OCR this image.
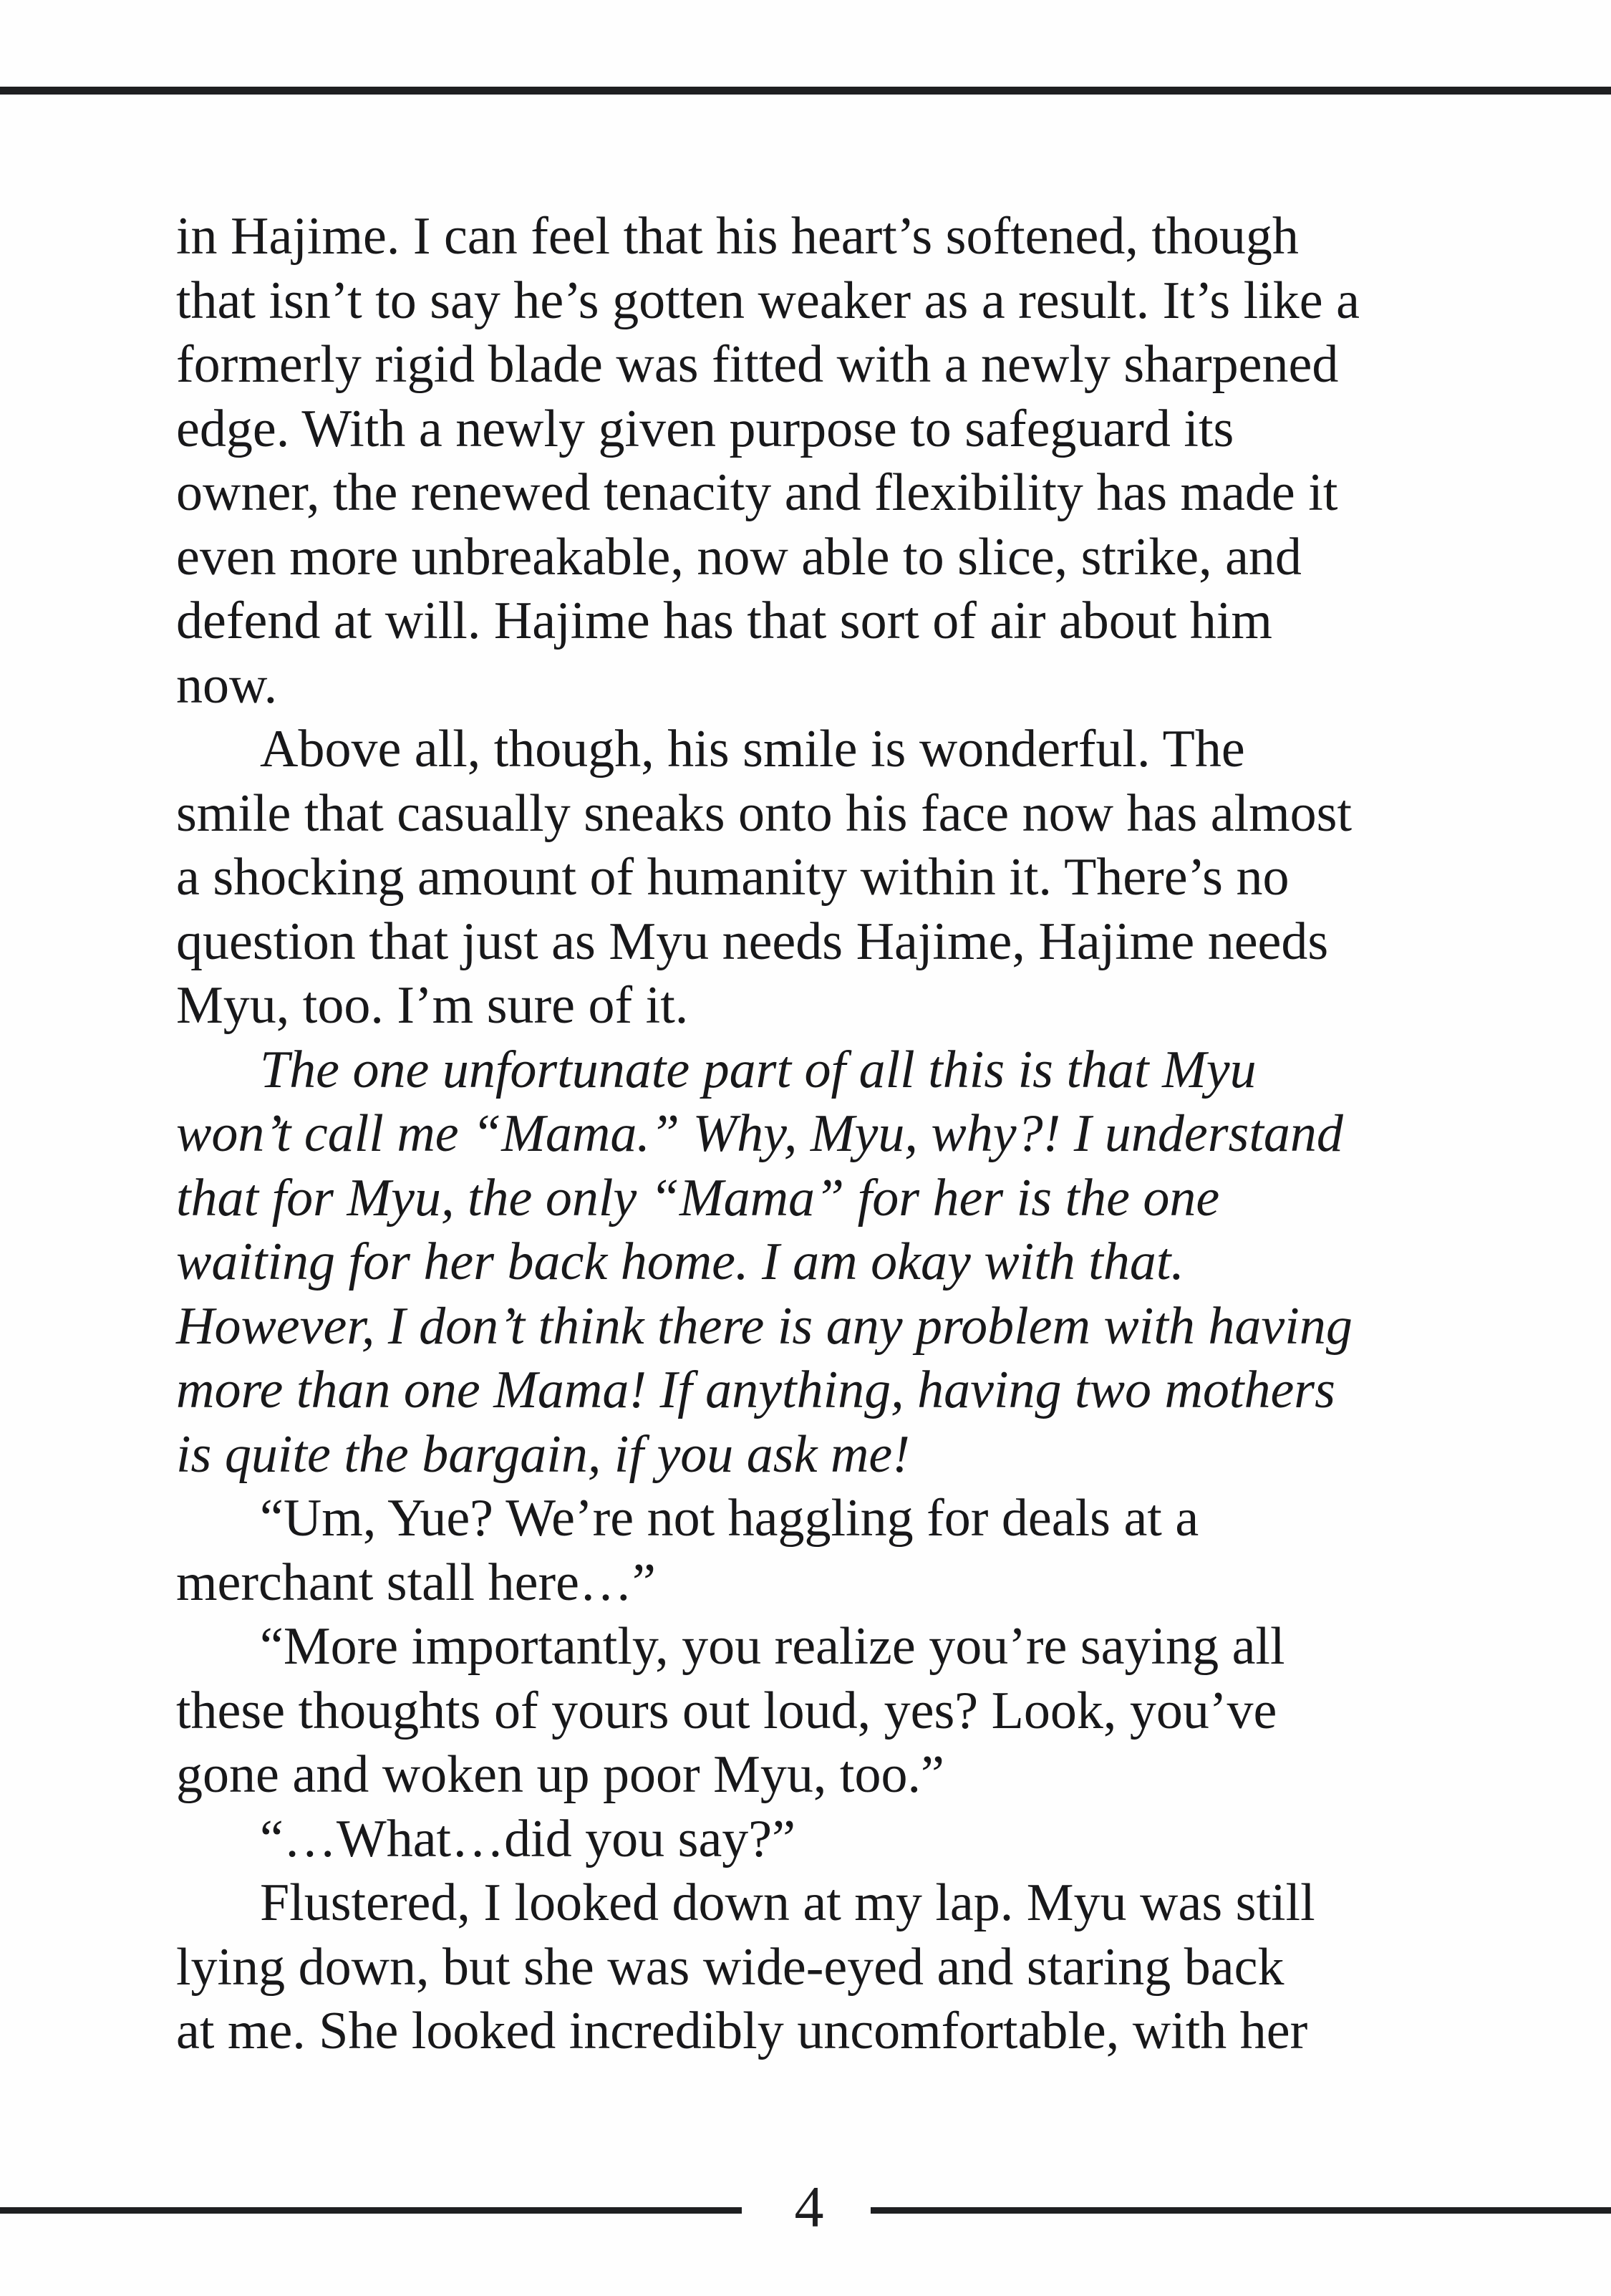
in Hajime. I can feel that his heart’s softened, though
that isn’t to say he’s gotten weaker as a result. It’s like a
formerly rigid blade was fitted with a newly sharpened
edge. With a newly given purpose to safeguard its
owner, the renewed tenacity and flexibility has made it
even more unbreakable, now able to slice, strike, and
defend at will. Hajime has that sort of air about him
now.
Above all, though, his smile is wonderful. The
smile that casually sneaks onto his face now has almost
a shocking amount of humanity within it. There’s no
question that just as Myu needs Hajime, Hajime needs
Myu, too. I’m sure of it.
The one unfortunate part of all this is that Myu
won’t call me “Mama.” Why, Myu, why?! I understand
that for Myu, the only “Mama” for her is the one
waiting for her back home. I am okay with that.
However, I don’t think there is any problem with having
more than one Mama! If anything, having two mothers
is quite the bargain, if you ask me!
“Um, Yue? We’re not haggling for deals at a
merchant stall here…”
“More importantly, you realize you’re saying all
these thoughts of yours out loud, yes? Look, you’ve
gone and woken up poor Myu, too.”
“…What…did you say?”
Flustered, I looked down at my lap. Myu was still
lying down, but she was wide-eyed and staring back
at me. She looked incredibly uncomfortable, with her
4
